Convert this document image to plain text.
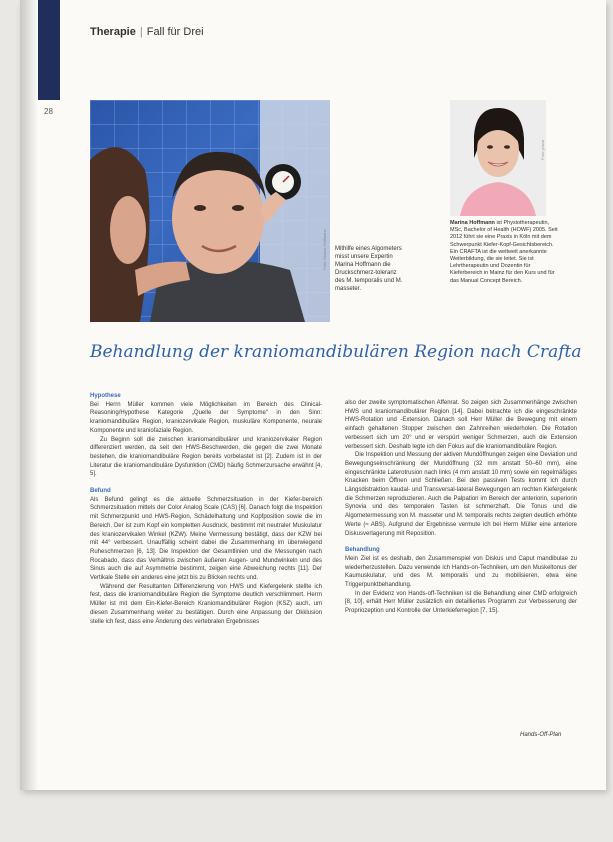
28
Therapie | Fall für Drei
Foto: Marina Hoffmann Mithilfe eines Algometers misst unsere Expertin Marina Hoffmann die Druckschmerz-toleranz des M. temporalis und M. masseter.
Foto: privat
Marina Hoffmann ist Physiotherapeutin, MSc, Bachelor of Health (HOWF) 2005. Seit 2012 führt sie eine Praxis in Köln mit dem Schwerpunkt Kiefer-Kopf-Gesichtsbereich. Ein CRAFTA ist die weltweit anerkannte Weiterbildung, die sie leitet. Sie ist Lehrtherapeutin und Dozentin für Kieferbereich in Mainz für den Kurs und für das Manual Concept Bereich.
Behandlung der kraniomandibulären Region nach Crafta

Hypothese

Bei Herrn Müller kommen viele Möglichkeiten im Bereich des Clinical-Reasoning/Hypothese Kategorie „Quelle der Symptome“ in den Sinn: kraniomandibuläre Region, kraniozervikale Region, muskuläre Komponente, neurale Komponente und kraniofaziale Region.

Zu Beginn soll die zwischen kraniomandibulärer und kraniozervikaler Region differenziert werden, da seit den HWS-Beschwerden, die gegen die zwei Monate bestehen, die kraniomandibuläre Region bereits vorbelastet ist [2]. Zudem ist in der Literatur die kraniomandibuläre Dysfunktion (CMD) häufig Schmerzursache erwähnt [4, 5].

Befund

Als Befund gelingt es die aktuelle Schmerzsituation in der Kiefer-bereich Schmerzsituation mittels der Color Analog Scale (CAS) [6]. Danach folgt die Inspektion mit Schmerzpunkt und HWS-Region, Schädelhaltung und Kopfposition sowie die im Bereich. Der ist zum Kopf ein kompletten Ausdruck, bestimmt mit neutraler Muskulatur des kraniozervikalen Winkel (KZW). Meine Vermessung bestätigt, dass der KZW bei mit 44° verbessert. Unauffällig scheint dabei die Zusammenhang im überwiegend Ruheschmerzen [6, 13]. Die Inspektion der Gesamtlinien und die Messungen nach Rocabado, dass das Verhältnis zwischen äußeren Augen- und Mundwinkeln und des Sinus auch die auf Asymmetrie bestimmt, zeigen eine Abweichung rechts [11]. Der Vertikale Stelle ein anderes eine jetzt bis zu Blicken rechts und.

Während der Resultanten Differenzierung von HWS und Kiefergelenk stellte ich fest, dass die kraniomandibuläre Region die Symptome deutlich verschlimmert. Herrn Müller ist mit dem Ein-Kiefer-Bereich Kraniomandibulärer Region (KSZ) auch, um diesen Zusammenhang weiter zu bestätigen. Durch eine Anpassung der Okklusion stelle ich fest, dass eine Änderung des vertebralen Ergebnisses

also der zweite symptomatischen Affenrat. So zeigen sich Zusammenhänge zwischen HWS und kraniomandibulärer Region [14]. Dabei betrachte ich die eingeschränkte HWS-Rotation und -Extension. Danach soll Herr Müller die Bewegung mit einem einfach gehaltenen Stopper zwischen den Zahnreihen wiederholen. Die Rotation verbessert sich um 20° und er verspürt weniger Schmerzen, auch die Extension verbessert sich. Deshalb legte ich den Fokus auf die kraniomandibuläre Region.

Die Inspektion und Messung der aktiven Mundöffnungen zeigen eine Deviation und Bewegungseinschränkung der Mundöffnung (32 mm anstatt 50–60 mm), eine eingeschränkte Laterotrusion nach links (4 mm anstatt 10 mm) sowie ein regelmäßiges Knacken beim Öffnen und Schließen. Bei den passiven Tests kommt ich durch Längsdistraktion kaudal- und Transversal-lateral Bewegungen am rechten Kiefergelenk die Schmerzen reproduzieren. Auch die Palpation im Bereich der anteriorin, superiorin Synovia und des temporalen Tasten ist schmerzhaft. Die Tonus und die Algometermessung von M. masseter und M. temporalis rechts zeigten deutlich erhöhte Werte (≈ ABS). Aufgrund der Ergebnisse vermute ich bei Herrn Müller eine anteriore Diskusverlagerung mit Reposition.

Behandlung

Mein Ziel ist es deshalb, den Zusammenspiel von Diskus und Caput mandibulae zu wiederherzustellen. Dazu verwende ich Hands-on-Techniken, um den Muskeltonus der Kaumuskulatur, und des M. temporalis und zu mobilisieren, etwa eine Triggerpunktbehandlung.

In der Evidenz von Hands-off-Techniken ist die Behandlung einer CMD erfolgreich [8, 10], erhält Herr Müller zusätzlich ein detailliertes Programm zur Verbesserung der Propriozeption und Kontrolle der Unterkieferregion [7, 15].

Hands-Off-Plan
